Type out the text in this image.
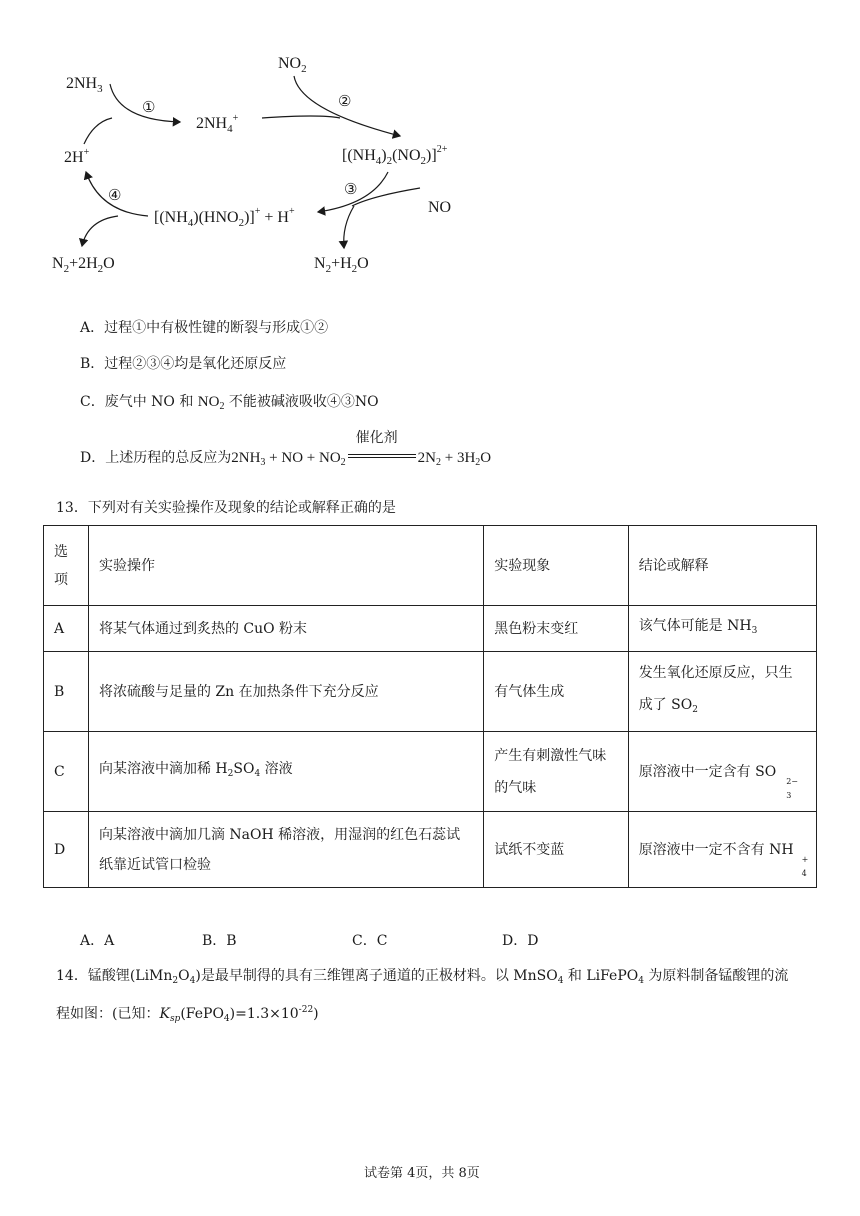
$2NH_3$
①
$2NH_4^+$
$NO_2$
②
$[(NH_4)_2(NO_2)]^{2+}$
2H+
④
$[(NH_4)(HNO_2)]^+ + H^+$
③
NO
$N_2+2H_2O$	$N_2+H_2O$
A．过程①中有极性键的断裂与形成①②
B．过程②③④均是氧化还原反应
C．废气中 NO 和 $NO_2$ 不能被碱液吸收④③NO
D．上述历程的总反应为$2NH_3$ + NO + $NO_2$
催化剂
$2N_2 + 3H_2O$
13．下列对有关实验操作及现象的结论或解释正确的是
选项	实验操作	实验现象	结论或解释
A	将某气体通过到炙热的 CuO 粉末	黑色粉末变红	该气体可能是 $NH_3$
B	将浓硫酸与足量的 Zn 在加热条件下充分反应	有气体生成	发生氧化还原反应，只生成了 $SO_2$
C	向某溶液中滴加稀 $H_2SO_4$ 溶液	产生有刺激性气味的气味	原溶液中一定含有 SO
2−
3

D	向某溶液中滴加几滴 NaOH 稀溶液，用湿润的红色石蕊试纸靠近试管口检验	试纸不变蓝	原溶液中一定不含有 NH
+
4
A．A	B．B	C．C	D．D
14．锰酸锂$(LiMn_2O_4)$是最早制得的具有三维锂离子通道的正极材料。以 MnSO$_4$ 和 LiFePO$_4$ 为原料制备锰酸锂的流
程如图：(已知：$K_{sp}(FePO_4)=1.3\times 10^{-22}$)
试卷第 4页，共 8页
